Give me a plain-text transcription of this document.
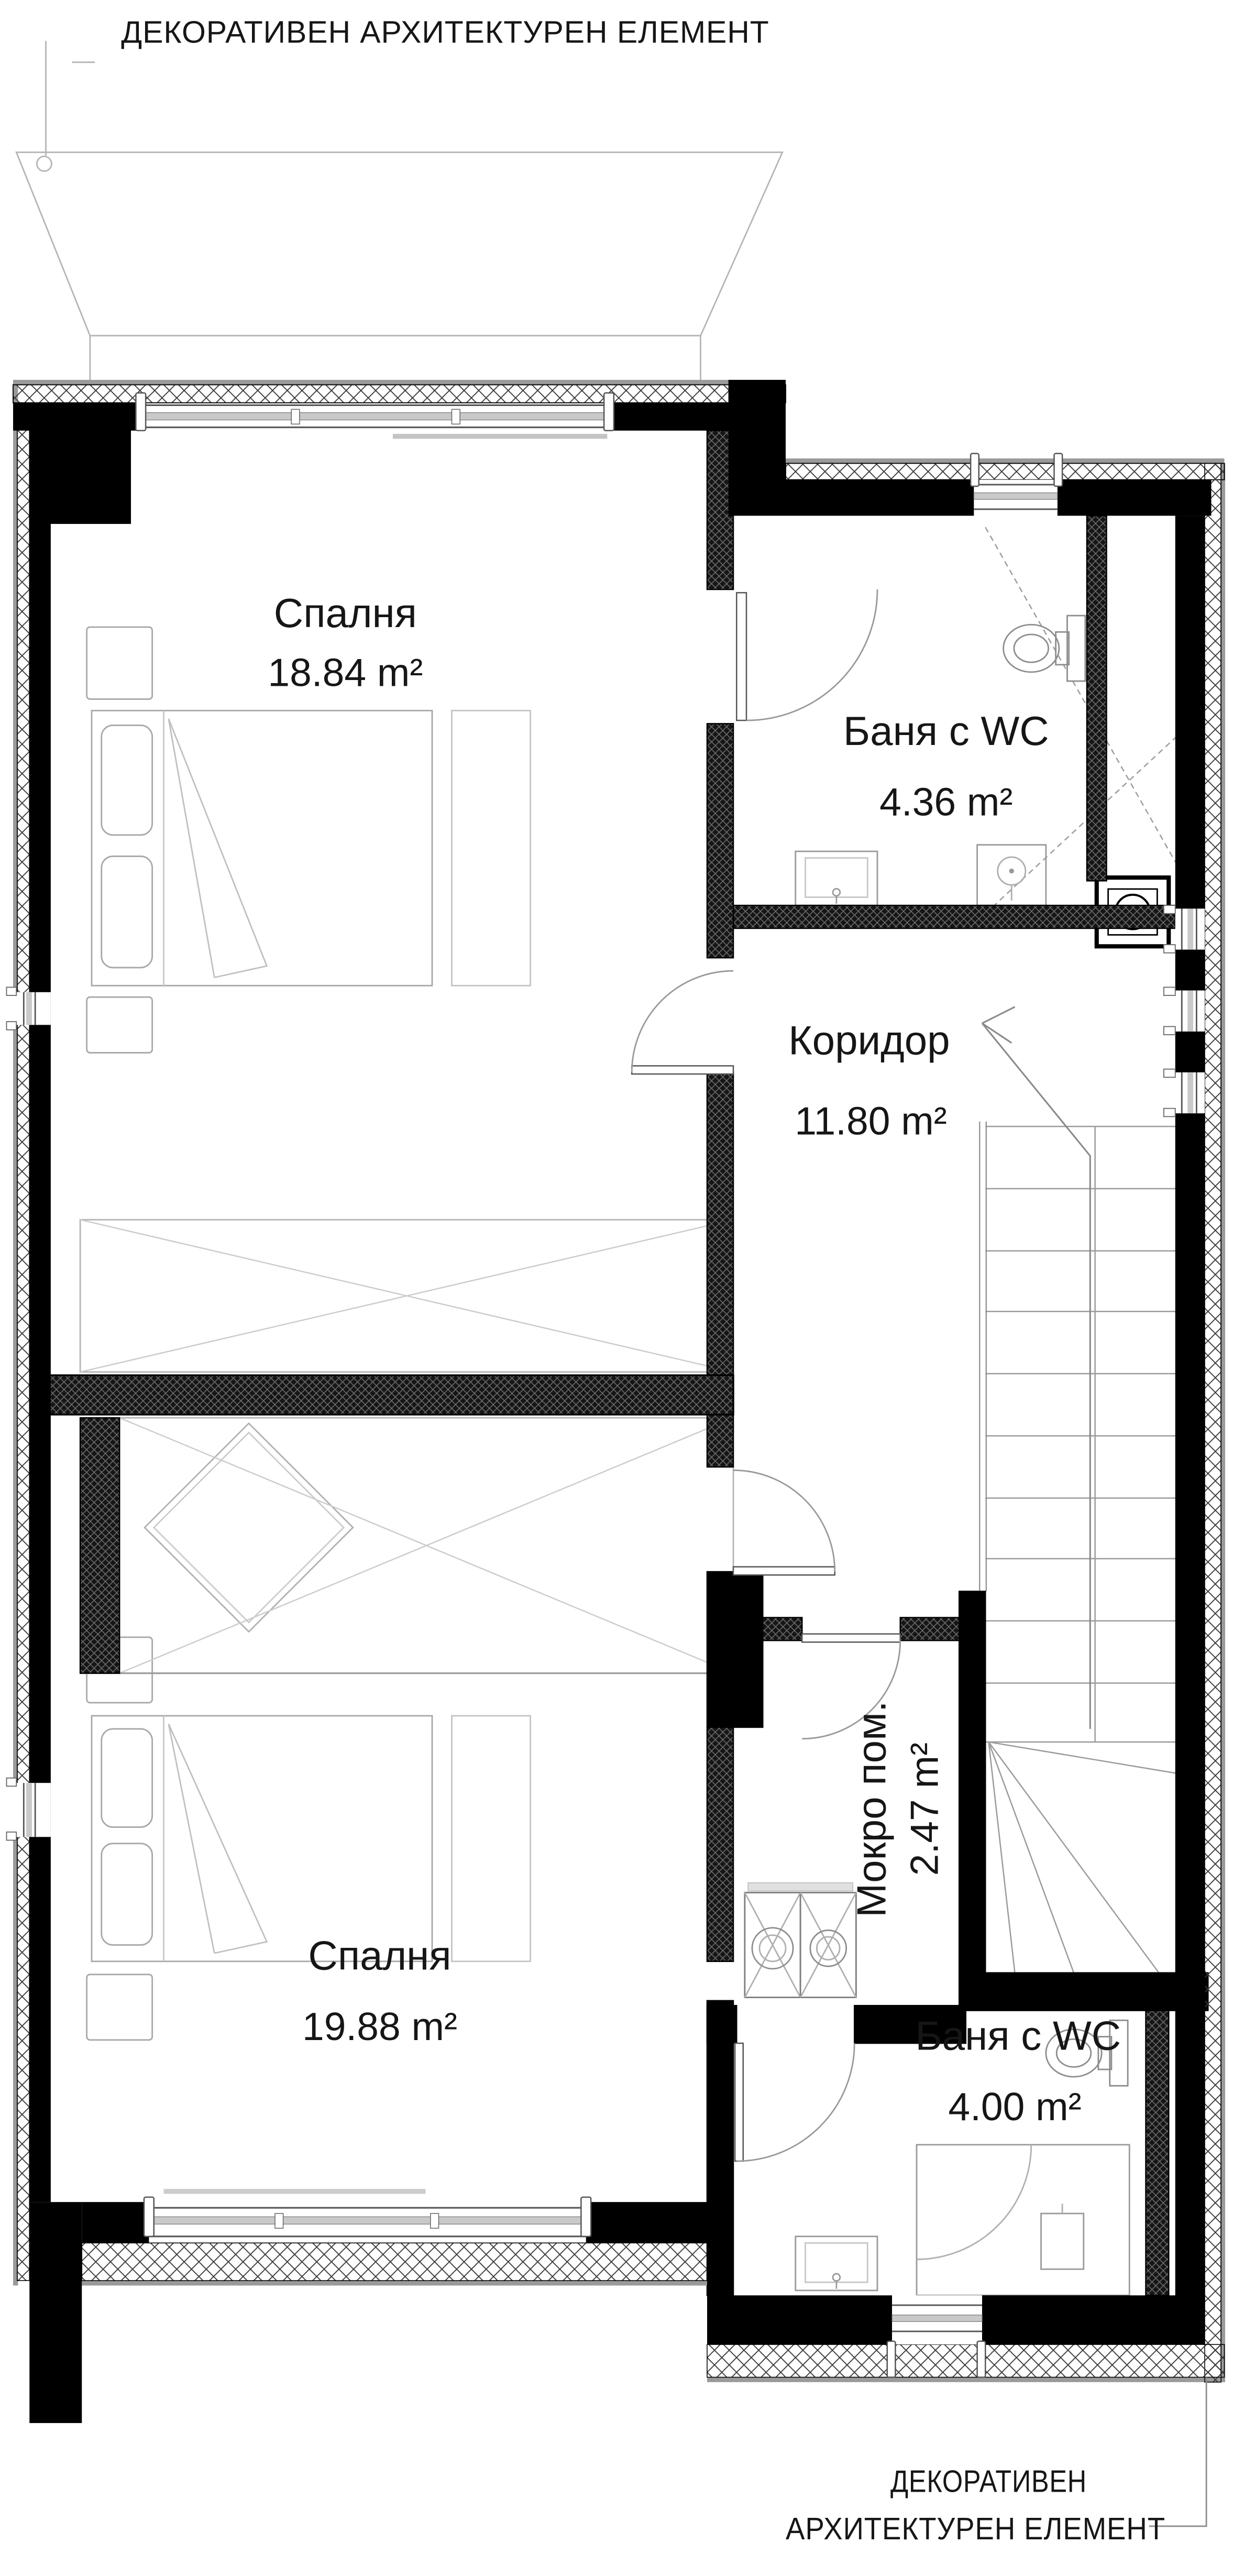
ДЕКОРАТИВЕН АРХИТЕКТУРЕН ЕЛЕМЕНТ
Спалня
18.84 m²
Баня с WC
4.36 m²
Коридор
11.80 m²
Мокро пом. 2.47 m²
Спалня
19.88 m²	Баня с WC
4.00 m²
ДЕКОРАТИВЕН
АРХИТЕКТУРЕН ЕЛЕМЕНТ
